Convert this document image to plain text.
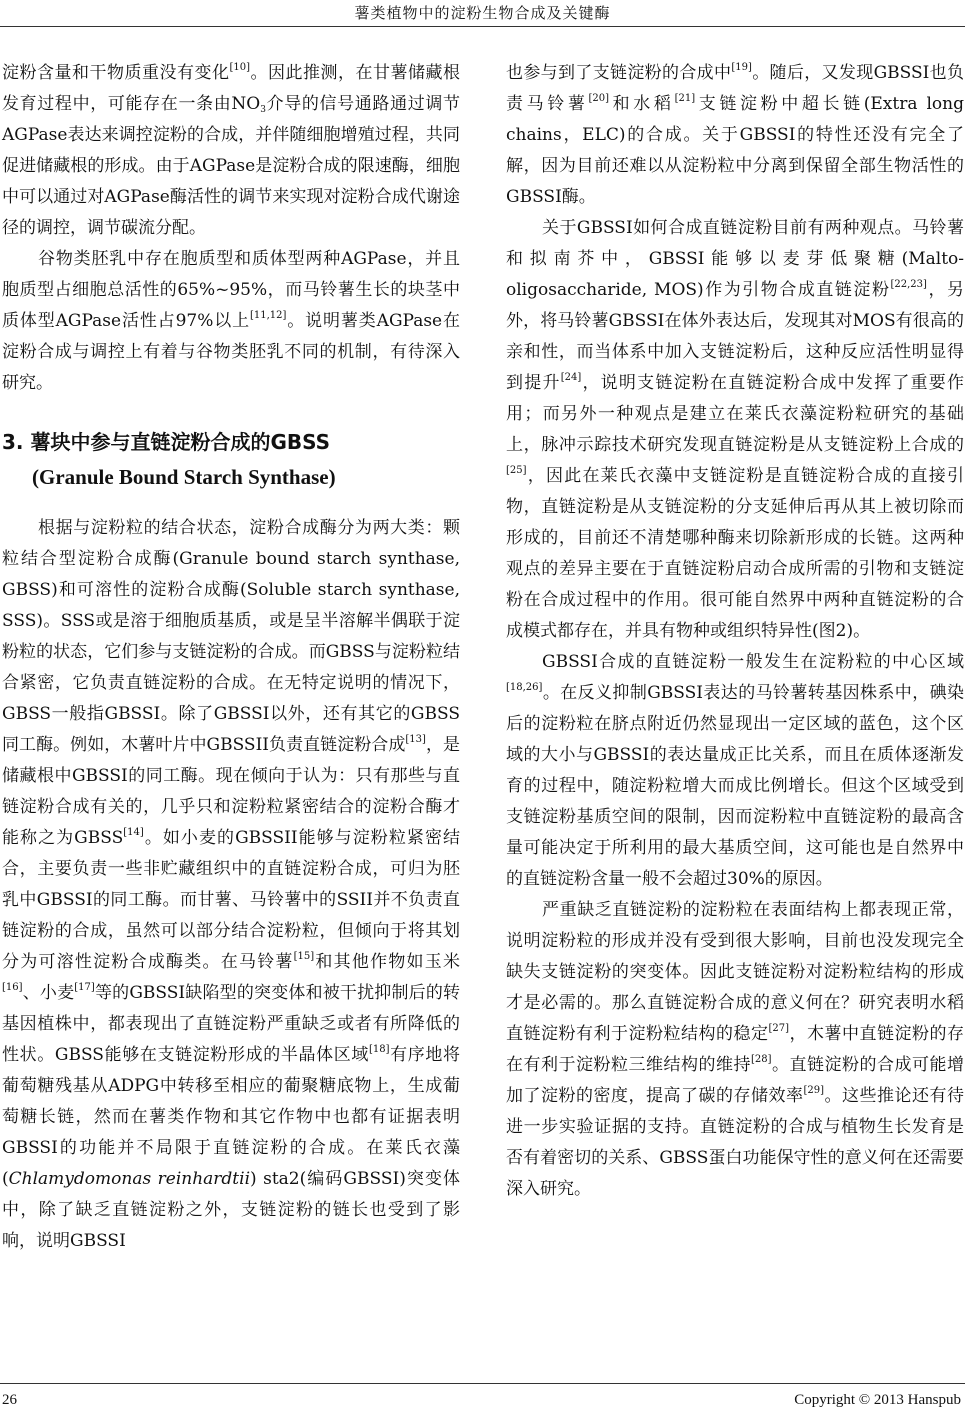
薯类植物中的淀粉生物合成及关键酶

淀粉含量和干物质重没有变化[10]。因此推测，在甘薯储藏根发育过程中，可能存在一条由NO3介导的信号通路通过调节AGPase表达来调控淀粉的合成，并伴随细胞增殖过程，共同促进储藏根的形成。由于AGPase是淀粉合成的限速酶，细胞中可以通过对AGPase酶活性的调节来实现对淀粉合成代谢途径的调控，调节碳流分配。

谷物类胚乳中存在胞质型和质体型两种AGPase，并且胞质型占细胞总活性的65%~95%，而马铃薯生长的块茎中质体型AGPase活性占97%以上[11,12]。说明薯类AGPase在淀粉合成与调控上有着与谷物类胚乳不同的机制，有待深入研究。

3. 薯块中参与直链淀粉合成的GBSS
(Granule Bound Starch Synthase)

根据与淀粉粒的结合状态，淀粉合成酶分为两大类：颗粒结合型淀粉合成酶(Granule bound starch synthase, GBSS)和可溶性的淀粉合成酶(Soluble starch synthase, SSS)。SSS或是溶于细胞质基质，或是呈半溶解半偶联于淀粉粒的状态，它们参与支链淀粉的合成。而GBSS与淀粉粒结合紧密，它负责直链淀粉的合成。在无特定说明的情况下，GBSS一般指GBSSI。除了GBSSI以外，还有其它的GBSS同工酶。例如，木薯叶片中GBSSII负责直链淀粉合成[13]，是储藏根中GBSSI的同工酶。现在倾向于认为：只有那些与直链淀粉合成有关的，几乎只和淀粉粒紧密结合的淀粉合酶才能称之为GBSS[14]。如小麦的GBSSII能够与淀粉粒紧密结合，主要负责一些非贮藏组织中的直链淀粉合成，可归为胚乳中GBSSI的同工酶。而甘薯、马铃薯中的SSII并不负责直链淀粉的合成，虽然可以部分结合淀粉粒，但倾向于将其划分为可溶性淀粉合成酶类。在马铃薯[15]和其他作物如玉米[16]、小麦[17]等的GBSSI缺陷型的突变体和被干扰抑制后的转基因植株中，都表现出了直链淀粉严重缺乏或者有所降低的性状。GBSS能够在支链淀粉形成的半晶体区域[18]有序地将葡萄糖残基从ADPG中转移至相应的葡聚糖底物上，生成葡萄糖长链，然而在薯类作物和其它作物中也都有证据表明GBSSI的功能并不局限于直链淀粉的合成。在莱氏衣藻(Chlamydomonas reinhardtii) sta2(编码GBSSI)突变体中，除了缺乏直链淀粉之外，支链淀粉的链长也受到了影响，说明GBSSI

也参与到了支链淀粉的合成中[19]。随后，又发现GBSSI也负责马铃薯[20]和水稻[21]支链淀粉中超长链(Extra long chains，ELC)的合成。关于GBSSI的特性还没有完全了解，因为目前还难以从淀粉粒中分离到保留全部生物活性的GBSSI酶。

关于GBSSI如何合成直链淀粉目前有两种观点。马铃薯和拟南芥中，GBSSI能够以麦芽低聚糖(Malto-oligosaccharide, MOS)作为引物合成直链淀粉[22,23]，另外，将马铃薯GBSSI在体外表达后，发现其对MOS有很高的亲和性，而当体系中加入支链淀粉后，这种反应活性明显得到提升[24]，说明支链淀粉在直链淀粉合成中发挥了重要作用；而另外一种观点是建立在莱氏衣藻淀粉粒研究的基础上，脉冲示踪技术研究发现直链淀粉是从支链淀粉上合成的[25]，因此在莱氏衣藻中支链淀粉是直链淀粉合成的直接引物，直链淀粉是从支链淀粉的分支延伸后再从其上被切除而形成的，目前还不清楚哪种酶来切除新形成的长链。这两种观点的差异主要在于直链淀粉启动合成所需的引物和支链淀粉在合成过程中的作用。很可能自然界中两种直链淀粉的合成模式都存在，并具有物种或组织特异性(图2)。

GBSSI合成的直链淀粉一般发生在淀粉粒的中心区域[18,26]。在反义抑制GBSSI表达的马铃薯转基因株系中，碘染后的淀粉粒在脐点附近仍然显现出一定区域的蓝色，这个区域的大小与GBSSI的表达量成正比关系，而且在质体逐渐发育的过程中，随淀粉粒增大而成比例增长。但这个区域受到支链淀粉基质空间的限制，因而淀粉粒中直链淀粉的最高含量可能决定于所利用的最大基质空间，这可能也是自然界中的直链淀粉含量一般不会超过30%的原因。

严重缺乏直链淀粉的淀粉粒在表面结构上都表现正常，说明淀粉粒的形成并没有受到很大影响，目前也没发现完全缺失支链淀粉的突变体。因此支链淀粉对淀粉粒结构的形成才是必需的。那么直链淀粉合成的意义何在？研究表明水稻直链淀粉有利于淀粉粒结构的稳定[27]，木薯中直链淀粉的存在有利于淀粉粒三维结构的维持[28]。直链淀粉的合成可能增加了淀粉的密度，提高了碳的存储效率[29]。这些推论还有待进一步实验证据的支持。直链淀粉的合成与植物生长发育是否有着密切的关系、GBSS蛋白功能保守性的意义何在还需要深入研究。

26	Copyright © 2013 Hanspub
